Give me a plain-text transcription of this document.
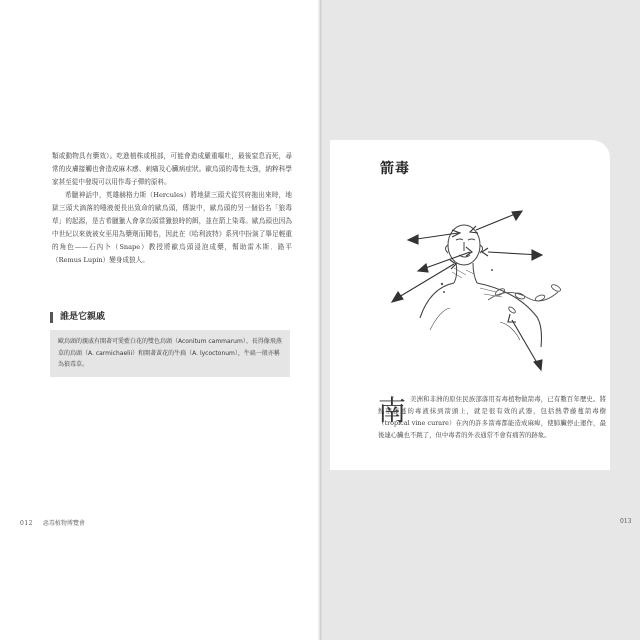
類或動物具有藥效）。吃進植株或根部，可能會造成嚴重嘔吐，最後窒息而死，尋常的皮膚接觸也會造成麻木感、刺痛及心臟病症狀。歐烏頭的毒性太強，納粹科學家甚至從中發現可以用作毒子彈的原料。
希臘神話中，英雄赫格力斯（Hercules）將地獄三頭犬從冥府拖出來時，地獄三頭犬滴落的唾液便長出致命的歐烏頭，傳說中，歐烏頭的另一個俗名「狼毒草」的起源，是古希臘獵人會拿烏頭當獵狼時的餌，並在箭上染毒。歐烏頭也因為中世紀以來就被女巫用為藥劑而聞名，因此在《哈利波特》系列中扮演了舉足輕重的角色——石內卜（Snape）教授將歐烏頭浸泡成藥，幫助雷木斯．路平（Remus Lupin）變身成狼人。
誰是它親戚
歐烏頭的親戚有開著可愛藍白花的雙色烏頭（Aconitum cammarum）、長得像飛燕草的烏頭（A. carmichaelii）和開著黃花的牛扁（A. lycoctonum），牛扁一般亦稱為狼毒草。
012 惡毒植物博覽會
箭毒
南 美洲和非洲的原住民族部落用有毒植物做箭毒，已有數百年歷史。將熱帶藤蔓的毒液抹到箭頭上，就是很有效的武器，包括熱帶藤蔓箭毒樹（tropical vine curare）在內的許多箭毒都能造成麻痺，使肺臟停止運作，最後連心臟也不跳了，但中毒者的外表通常不會有痛苦的跡象。
013
